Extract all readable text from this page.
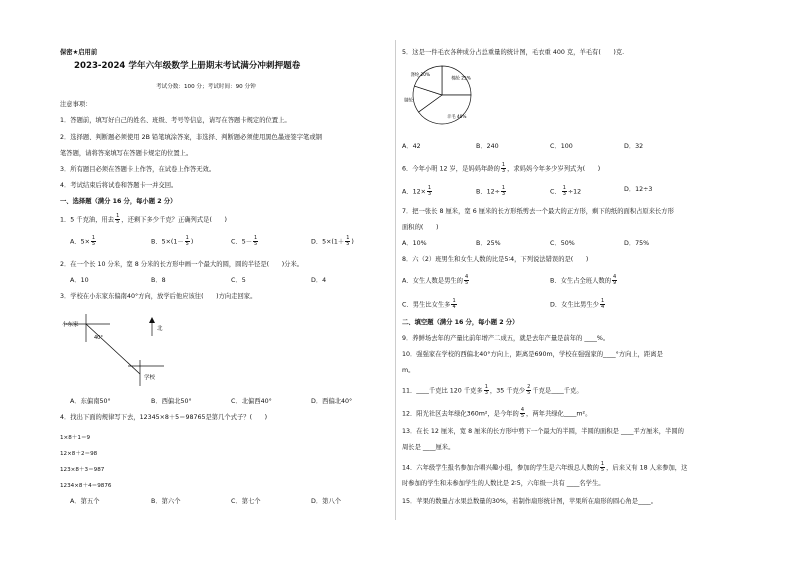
保密★启用前
2023-2024 学年六年级数学上册期末考试满分冲刺押题卷
考试分数：100 分；考试时间：90 分钟
注意事项：
1．答题前，填写好自己的姓名、班级、考号等信息，请写在答题卡规定的位置上。
2．选择题、判断题必须使用 2B 铅笔填涂答案，非选择、判断题必须使用黑色墨迹签字笔或钢
笔答题，请将答案填写在答题卡规定的位置上。
3．所有题目必须在答题卡上作答，在试卷上作答无效。
4．考试结束后将试卷和答题卡一并交回。
一、选择题（满分 16 分，每小题 2 分）
1．5 千克油，用去 $\frac{1}{5}$ ，还剩下多少千克？正确列式是(　　)
A．$5\times \frac{1}{5}$	B．$5\times(1- \frac{1}{5}$ )	C．$5- \frac{1}{5}$	D．$5\times(1+ \frac{1}{5}$ )
2．在一个长 10 分米，宽 8 分米的长方形中画一个最大的圆，圆的半径是(　　)分米。
A．10	B．8	C．5	D．4
3．学校在小东家东偏南40°方向，放学后他应该往(　　)方向走回家。
北
小东家
40°
学校
A．东偏南50°	B．西偏北50°	C．北偏西40°	D．西偏北40°
4．找出下面的规律写下去，12345×8＋5＝98765是第几个式子？(　　)
1×8＋1＝9
12×8＋2＝98
123×8＋3＝987
1234×8＋4＝9876
A．第五个	B．第六个	C．第七个	D．第八个
5．这是一件毛衣各种成分占总重量的统计图，毛衣重 400 克，羊毛有(　　)克.
棉纶 25%
羊毛 40%
腈纶
涤纶 20%
A．42	B．240	C．100	D．32
6．今年小明 12 岁，是妈妈年龄的 $\frac{1}{3}$ ，求妈妈今年多少岁列式为(　　)
A．$12\times \frac{1}{3}$	B．$12\div \frac{1}{3}$	C． $\frac{1}{3} \div 12$	D．12÷3
7．把一张长 8 厘米，宽 6 厘米的长方形纸剪去一个最大的正方形，剩下的纸的面积占原来长方形
面积的(　　)
A．10%	B．25%	C．50%	D．75%
8．六（2）班男生和女生人数的比是5∶4，下列说法错误的是(　　)
A．女生人数是男生的 $\frac{4}{5}$	B．女生占全班人数的 $\frac{4}{9}$
C．男生比女生多 $\frac{1}{4}$	D．女生比男生少 $\frac{1}{4}$
二、填空题（满分 16 分，每小题 2 分）
9．养鲜场去年的产量比前年增产二成五，就是去年产量是前年的 ____%。
10．强强家在学校的西偏北40°方向上，距离是690m，学校在强强家的____°方向上，距离是
m。
11．____千克比 120 千克多 $\frac{1}{3}$ ，35 千克少 $\frac{2}{5}$ 千克是____千克。
12．阳光社区去年绿化360m²，是今年的 $\frac{4}{5}$ ，两年共绿化____m²。
13．在长 12 厘米，宽 8 厘米的长方形中剪下一个最大的半圆，半圆的面积是 ____平方厘米，半圆的
周长是 ____厘米。
14．六年级学生报名参加合唱兴趣小组，参加的学生是六年级总人数的 $\frac{1}{5}$ ，后来又有 18 人来参加，这
时参加的学生和未参加学生的人数比是 2∶5，六年级一共有 ____名学生。
15．苹果的数量占水果总数量的30%，若制作扇形统计图，苹果所在扇形的圆心角是____。
